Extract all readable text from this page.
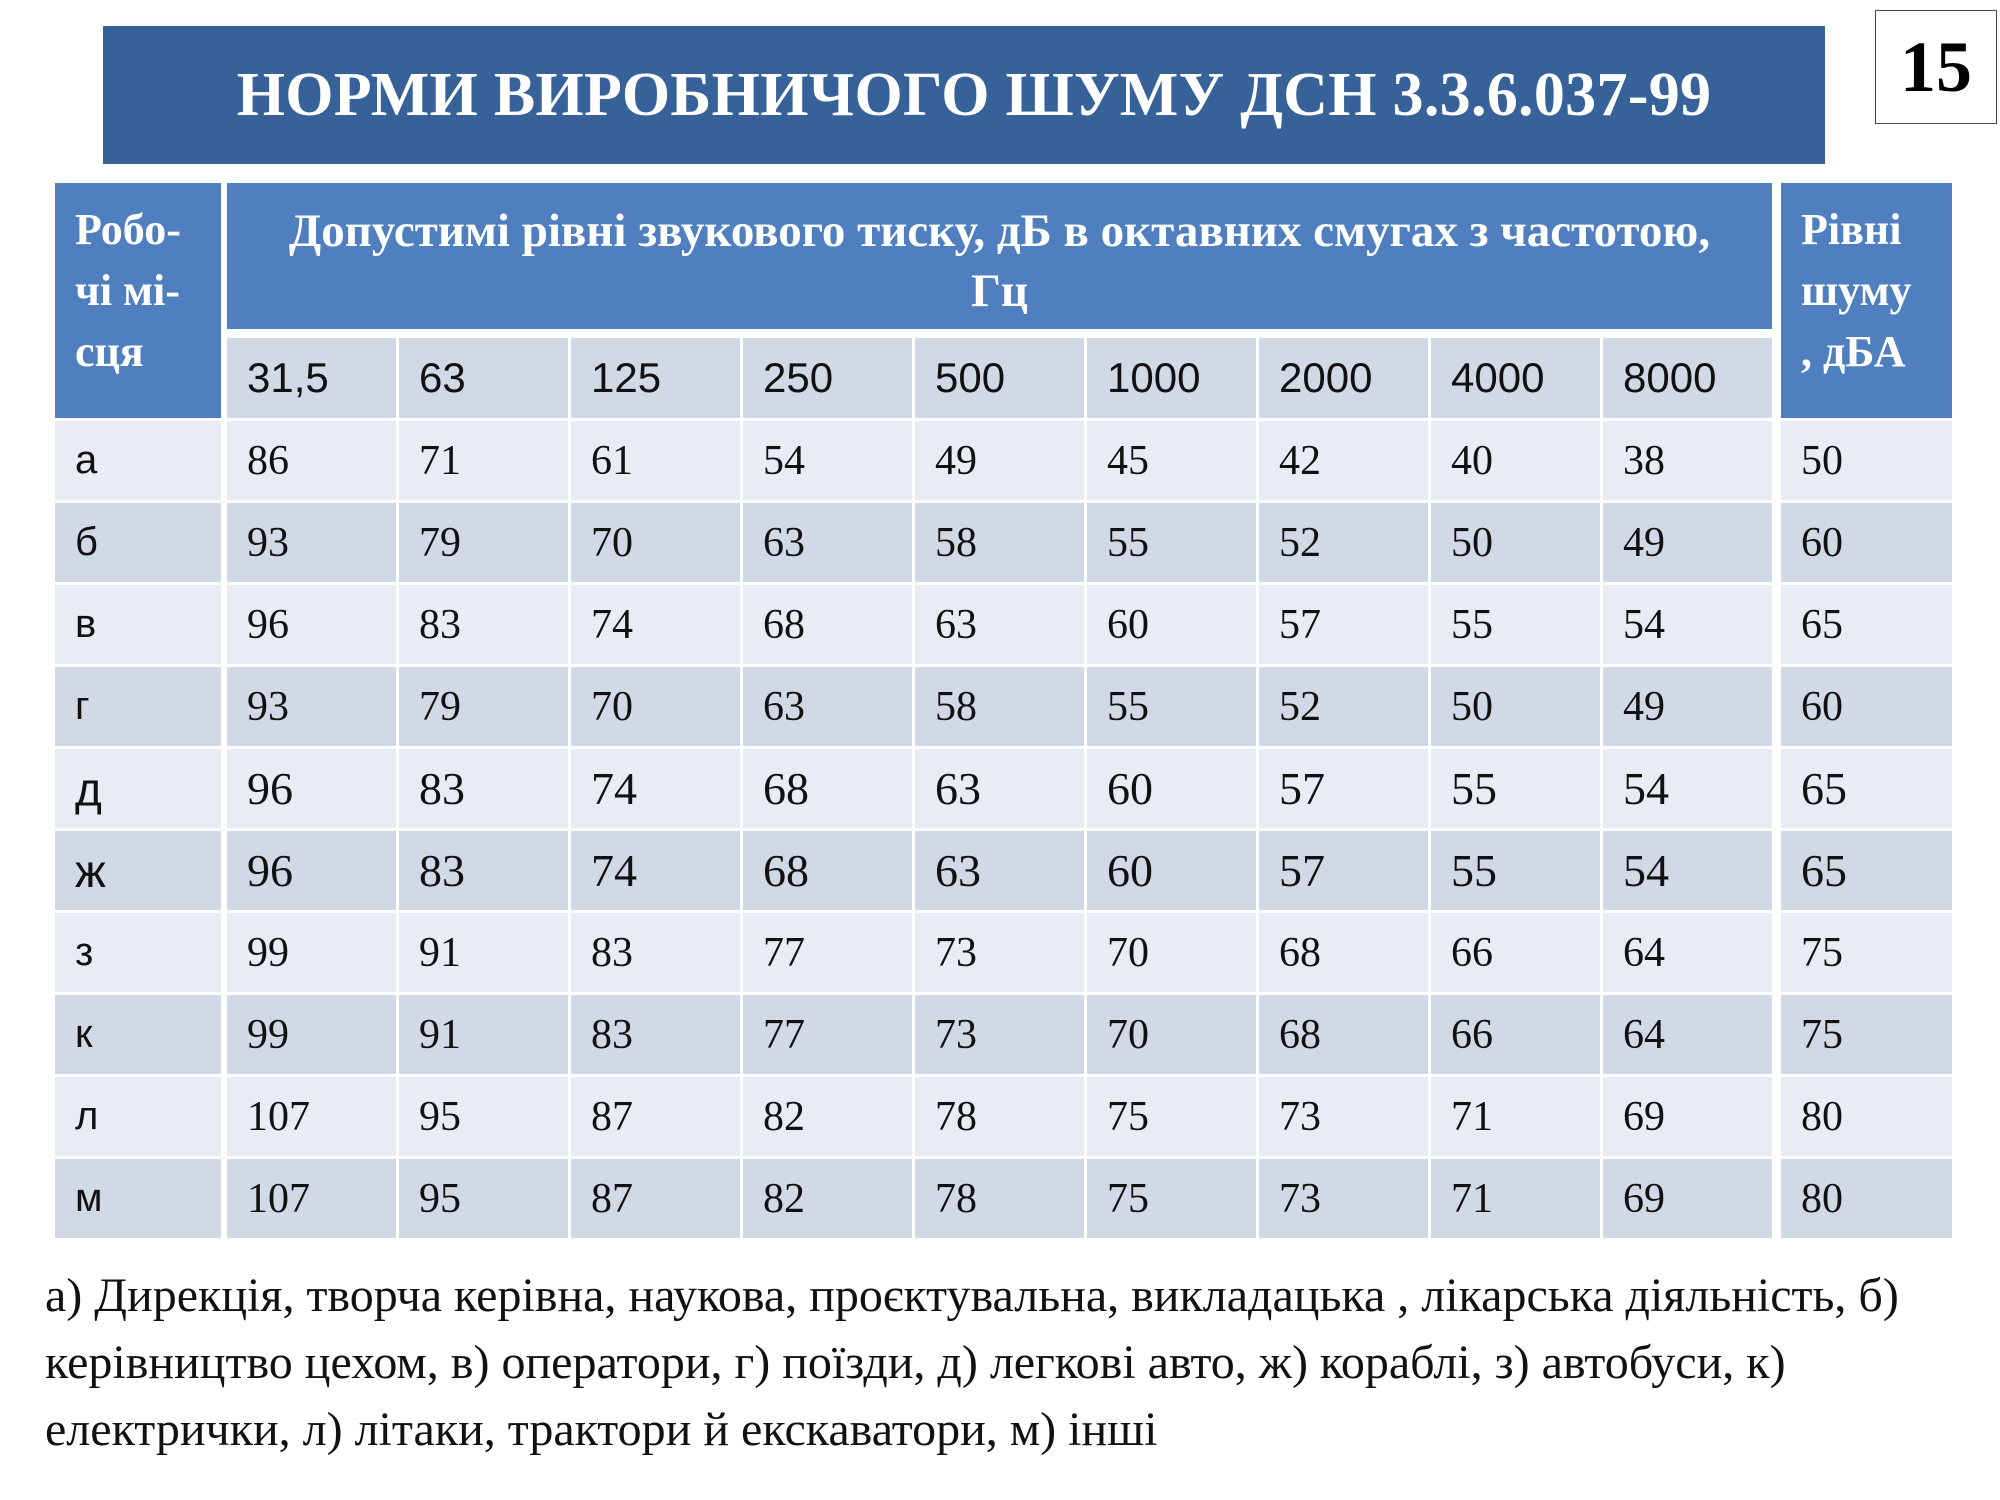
НОРМИ ВИРОБНИЧОГО ШУМУ ДСН 3.3.6.037-99	15
Робо-
чі мі-
сця	Допустимі рівні звукового тиску, дБ в октавних смугах з частотою, Гц									Рівні
шуму
, дБА
	31,5	63	125	250	500	1000	2000	4000	8000	
а	86	71	61	54	49	45	42	40	38	50
б	93	79	70	63	58	55	52	50	49	60
в	96	83	74	68	63	60	57	55	54	65
г	93	79	70	63	58	55	52	50	49	60
д	96	83	74	68	63	60	57	55	54	65
ж	96	83	74	68	63	60	57	55	54	65
з	99	91	83	77	73	70	68	66	64	75
к	99	91	83	77	73	70	68	66	64	75
л	107	95	87	82	78	75	73	71	69	80
м	107	95	87	82	78	75	73	71	69	80
а) Дирекція, творча керівна, наукова, проєктувальна, викладацька , лікарська діяльність, б) керівництво цехом, в) оператори, г) поїзди, д) легкові авто, ж) кораблі, з) автобуси, к) електрички, л) літаки, трактори й екскаватори, м) інші
